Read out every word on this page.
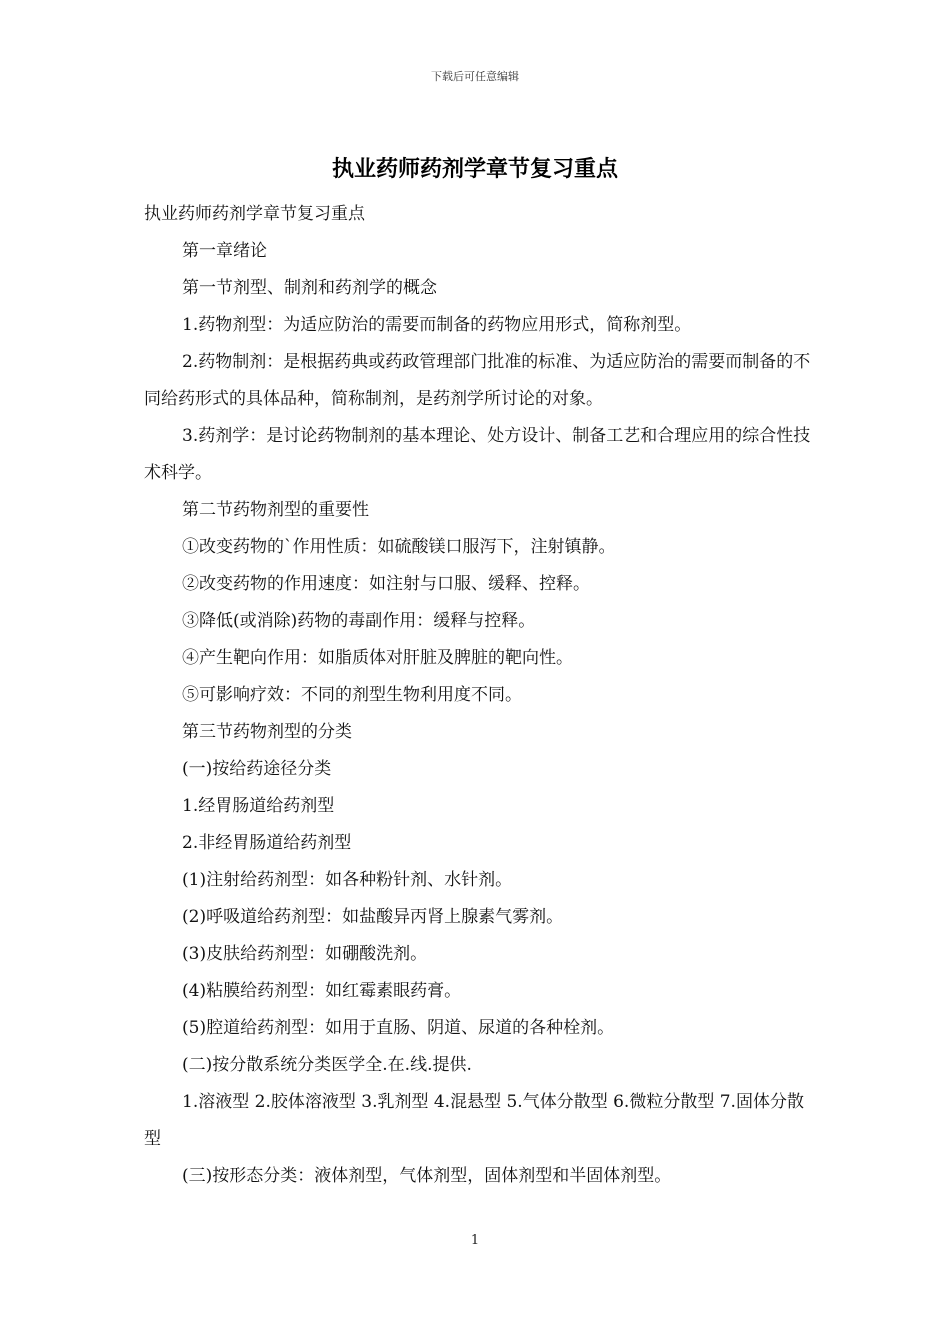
下载后可任意编辑
执业药师药剂学章节复习重点

执业药师药剂学章节复习重点

第一章绪论

第一节剂型、制剂和药剂学的概念

1.药物剂型：为适应防治的需要而制备的药物应用形式，简称剂型。

2.药物制剂：是根据药典或药政管理部门批准的标准、为适应防治的需要而制备的不同给药形式的具体品种，简称制剂，是药剂学所讨论的对象。

3.药剂学：是讨论药物制剂的基本理论、处方设计、制备工艺和合理应用的综合性技术科学。

第二节药物剂型的重要性

①改变药物的`作用性质：如硫酸镁口服泻下，注射镇静。

②改变药物的作用速度：如注射与口服、缓释、控释。

③降低(或消除)药物的毒副作用：缓释与控释。

④产生靶向作用：如脂质体对肝脏及脾脏的靶向性。

⑤可影响疗效：不同的剂型生物利用度不同。

第三节药物剂型的分类

(一)按给药途径分类

1.经胃肠道给药剂型

2.非经胃肠道给药剂型

(1)注射给药剂型：如各种粉针剂、水针剂。

(2)呼吸道给药剂型：如盐酸异丙肾上腺素气雾剂。

(3)皮肤给药剂型：如硼酸洗剂。

(4)粘膜给药剂型：如红霉素眼药膏。

(5)腔道给药剂型：如用于直肠、阴道、尿道的各种栓剂。

(二)按分散系统分类医学全.在.线.提供.

1.溶液型 2.胶体溶液型 3.乳剂型 4.混悬型 5.气体分散型 6.微粒分散型 7.固体分散型

(三)按形态分类：液体剂型，气体剂型，固体剂型和半固体剂型。

1
